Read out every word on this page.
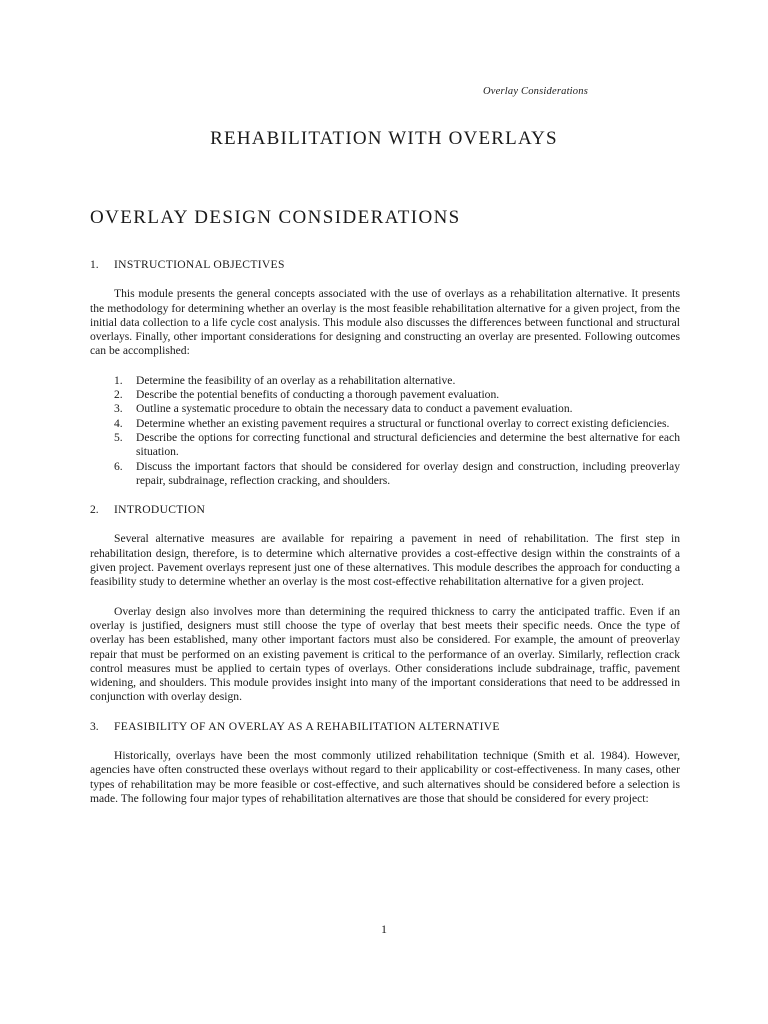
Overlay Considerations
REHABILITATION WITH OVERLAYS
OVERLAY DESIGN CONSIDERATIONS
1.	INSTRUCTIONAL OBJECTIVES

This module presents the general concepts associated with the use of overlays as a rehabilitation alternative. It presents the methodology for determining whether an overlay is the most feasible rehabilitation alternative for a given project, from the initial data collection to a life cycle cost analysis. This module also discusses the differences between functional and structural overlays. Finally, other important considerations for designing and constructing an overlay are presented. Following outcomes can be accomplished:

1.	Determine the feasibility of an overlay as a rehabilitation alternative.
2.	Describe the potential benefits of conducting a thorough pavement evaluation.
3.	Outline a systematic procedure to obtain the necessary data to conduct a pavement evaluation.
4.	Determine whether an existing pavement requires a structural or functional overlay to correct existing deficiencies.
5.	Describe the options for correcting functional and structural deficiencies and determine the best alternative for each situation.
6.	Discuss the important factors that should be considered for overlay design and construction, including preoverlay repair, subdrainage, reflection cracking, and shoulders.
2.	INTRODUCTION

Several alternative measures are available for repairing a pavement in need of rehabilitation. The first step in rehabilitation design, therefore, is to determine which alternative provides a cost-effective design within the constraints of a given project. Pavement overlays represent just one of these alternatives. This module describes the approach for conducting a feasibility study to determine whether an overlay is the most cost-effective rehabilitation alternative for a given project.

Overlay design also involves more than determining the required thickness to carry the anticipated traffic. Even if an overlay is justified, designers must still choose the type of overlay that best meets their specific needs. Once the type of overlay has been established, many other important factors must also be considered. For example, the amount of preoverlay repair that must be performed on an existing pavement is critical to the performance of an overlay. Similarly, reflection crack control measures must be applied to certain types of overlays. Other considerations include subdrainage, traffic, pavement widening, and shoulders. This module provides insight into many of the important considerations that need to be addressed in conjunction with overlay design.

3.	FEASIBILITY OF AN OVERLAY AS A REHABILITATION ALTERNATIVE

Historically, overlays have been the most commonly utilized rehabilitation technique (Smith et al. 1984). However, agencies have often constructed these overlays without regard to their applicability or cost-effectiveness. In many cases, other types of rehabilitation may be more feasible or cost-effective, and such alternatives should be considered before a selection is made. The following four major types of rehabilitation alternatives are those that should be considered for every project:

1
